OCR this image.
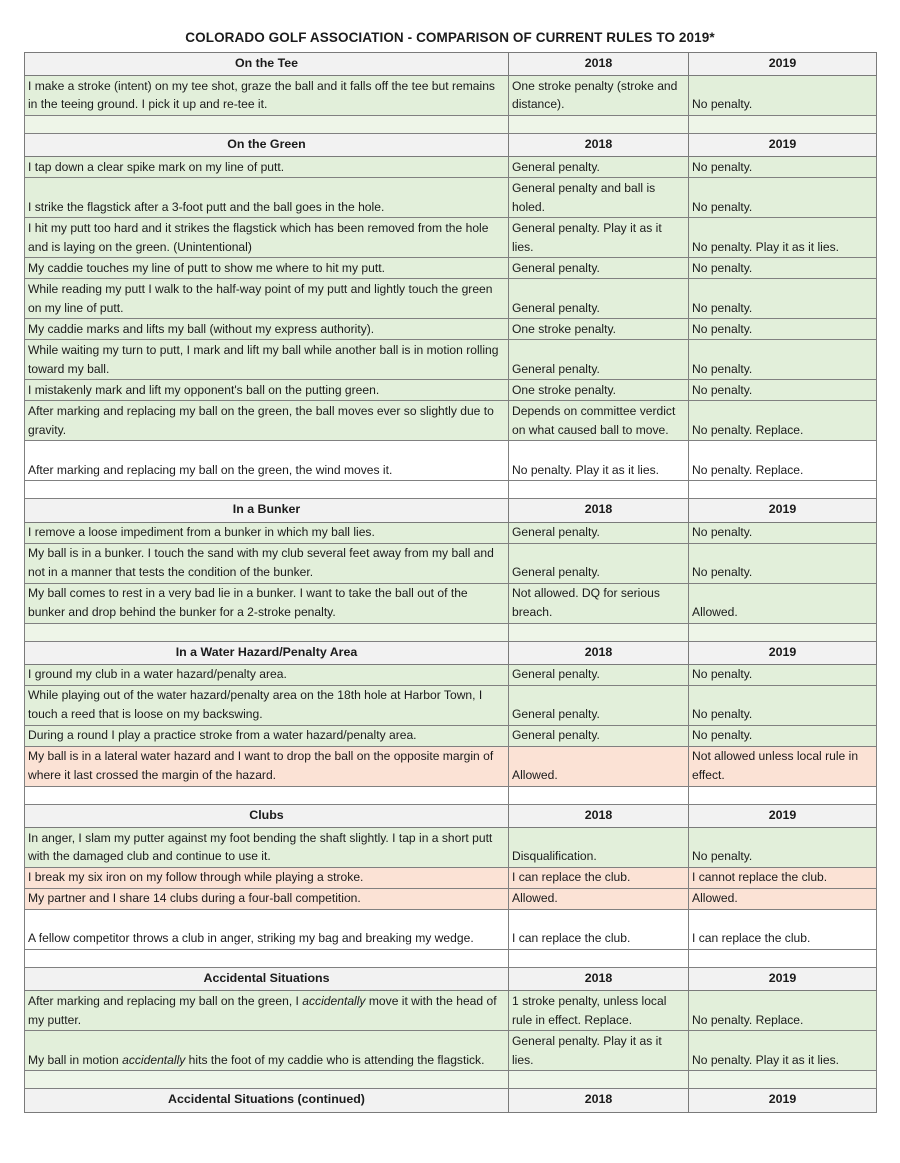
COLORADO GOLF ASSOCIATION - COMPARISON OF CURRENT RULES TO 2019*
On the Tee	2018	2019
I make a stroke (intent) on my tee shot, graze the ball and it falls off the tee but remains in the teeing ground. I pick it up and re-tee it.	One stroke penalty (stroke and distance).	No penalty.

On the Green	2018	2019
I tap down a clear spike mark on my line of putt.	General penalty.	No penalty.
I strike the flagstick after a 3-foot putt and the ball goes in the hole.	General penalty and ball is holed.	No penalty.
I hit my putt too hard and it strikes the flagstick which has been removed from the hole and is laying on the green. (Unintentional)	General penalty. Play it as it lies.	No penalty. Play it as it lies.
My caddie touches my line of putt to show me where to hit my putt.	General penalty.	No penalty.
While reading my putt I walk to the half-way point of my putt and lightly touch the green on my line of putt.	General penalty.	No penalty.
My caddie marks and lifts my ball (without my express authority).	One stroke penalty.	No penalty.
While waiting my turn to putt, I mark and lift my ball while another ball is in motion rolling toward my ball.	General penalty.	No penalty.
I mistakenly mark and lift my opponent's ball on the putting green.	One stroke penalty.	No penalty.
After marking and replacing my ball on the green, the ball moves ever so slightly due to gravity.	Depends on committee verdict on what caused ball to move.	No penalty. Replace.
After marking and replacing my ball on the green, the wind moves it.	No penalty. Play it as it lies.	No penalty. Replace.

In a Bunker	2018	2019
I remove a loose impediment from a bunker in which my ball lies.	General penalty.	No penalty.
My ball is in a bunker. I touch the sand with my club several feet away from my ball and not in a manner that tests the condition of the bunker.	General penalty.	No penalty.
My ball comes to rest in a very bad lie in a bunker. I want to take the ball out of the bunker and drop behind the bunker for a 2-stroke penalty.	Not allowed. DQ for serious breach.	Allowed.

In a Water Hazard/Penalty Area	2018	2019
I ground my club in a water hazard/penalty area.	General penalty.	No penalty.
While playing out of the water hazard/penalty area on the 18th hole at Harbor Town, I touch a reed that is loose on my backswing.	General penalty.	No penalty.
During a round I play a practice stroke from a water hazard/penalty area.	General penalty.	No penalty.
My ball is in a lateral water hazard and I want to drop the ball on the opposite margin of where it last crossed the margin of the hazard.	Allowed.	Not allowed unless local rule in effect.

Clubs	2018	2019
In anger, I slam my putter against my foot bending the shaft slightly. I tap in a short putt with the damaged club and continue to use it.	Disqualification.	No penalty.
I break my six iron on my follow through while playing a stroke.	I can replace the club.	I cannot replace the club.
My partner and I share 14 clubs during a four-ball competition.	Allowed.	Allowed.
A fellow competitor throws a club in anger, striking my bag and breaking my wedge.	I can replace the club.	I can replace the club.

Accidental Situations	2018	2019
After marking and replacing my ball on the green, I accidentally move it with the head of my putter.	1 stroke penalty, unless local rule in effect. Replace.	No penalty. Replace.
My ball in motion accidentally hits the foot of my caddie who is attending the flagstick.	General penalty. Play it as it lies.	No penalty. Play it as it lies.

Accidental Situations (continued)	2018	2019
